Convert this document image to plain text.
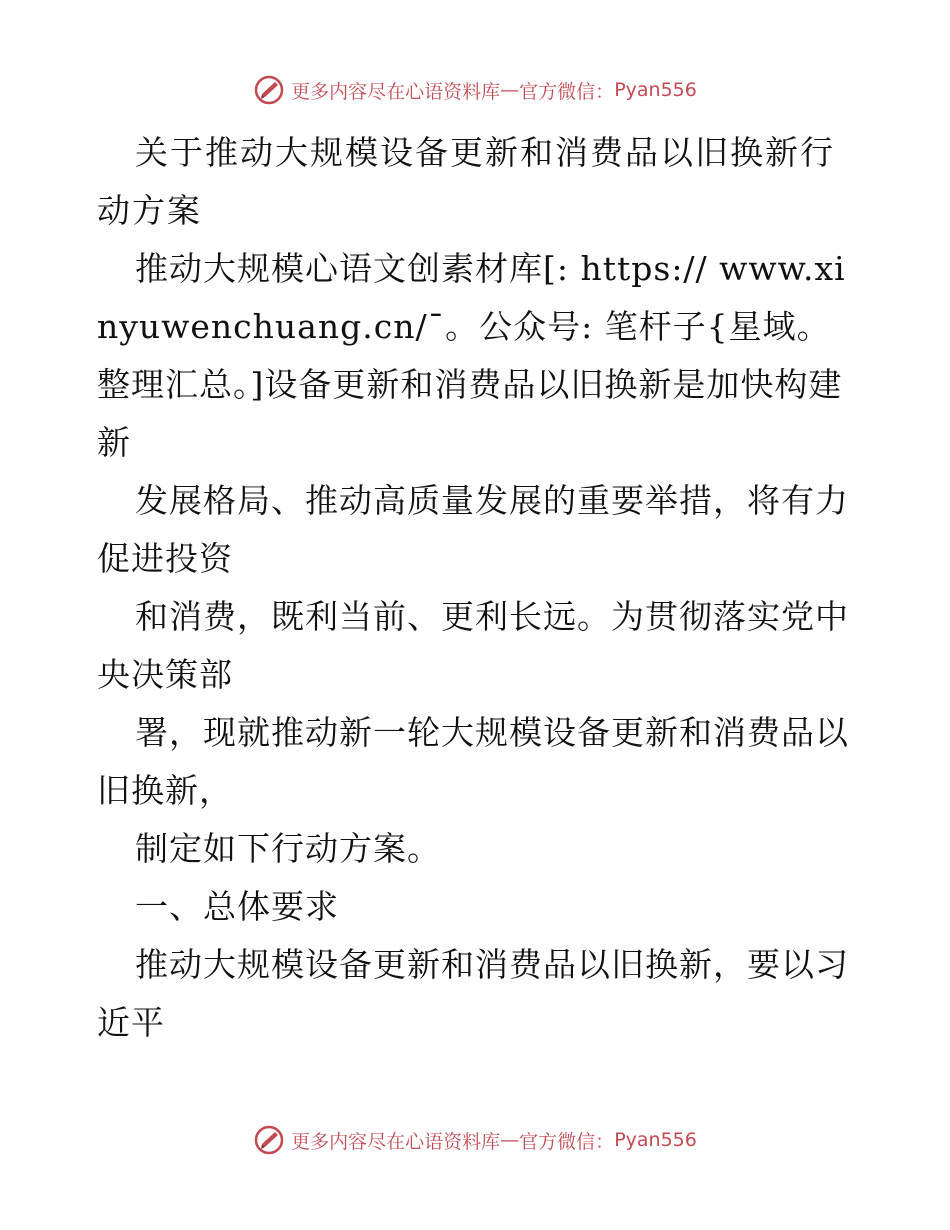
更多内容尽在心语资料库 — 官方微信： Pyan556

关于推动大规模设备更新和消费品以旧换新行动方案

推动大规模心语文创素材库[: https:// www.xinyuwenchuang.cn/¯。公众号: 笔杆子{星域。整理汇总。]设备更新和消费品以旧换新是加快构建新

发展格局、推动高质量发展的重要举措，将有力促进投资

和消费，既利当前、更利长远。为贯彻落实党中央决策部

署，现就推动新一轮大规模设备更新和消费品以旧换新，

制定如下行动方案。

一、总体要求

推动大规模设备更新和消费品以旧换新，要以习近平

更多内容尽在心语资料库 — 官方微信： Pyan556
